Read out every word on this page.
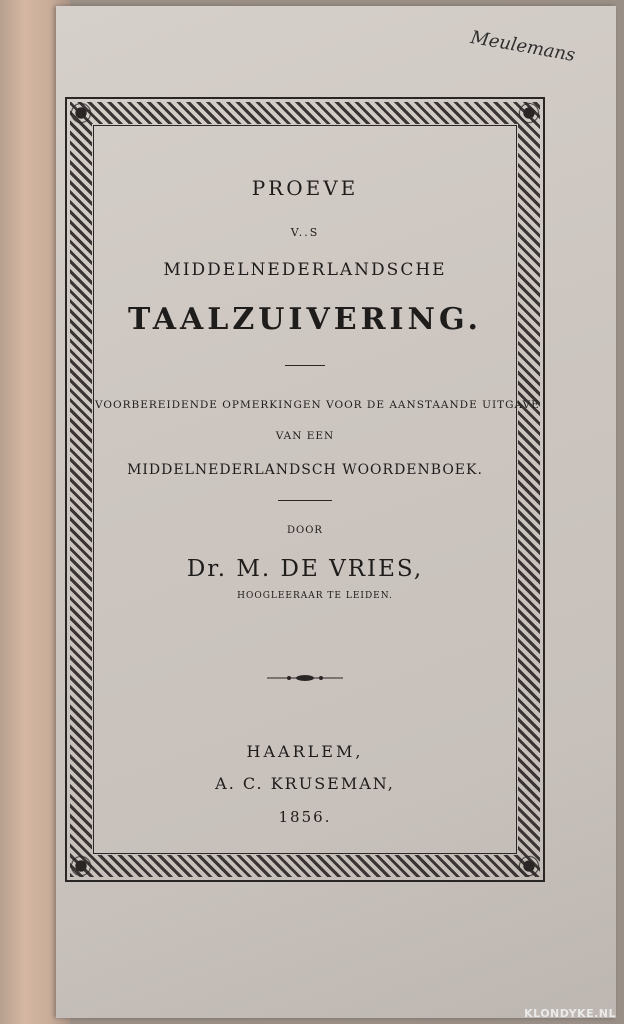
Meulemans
PROEVE
V..S
MIDDELNEDERLANDSCHE
TAALZUIVERING.
VOORBEREIDENDE OPMERKINGEN VOOR DE AANSTAANDE UITGAVE
VAN EEN
MIDDELNEDERLANDSCH WOORDENBOEK.
DOOR
Dr. M. DE VRIES,
HOOGLEERAAR TE LEIDEN.
HAARLEM,
A. C. KRUSEMAN,
1856.
KLONDYKE.NL
